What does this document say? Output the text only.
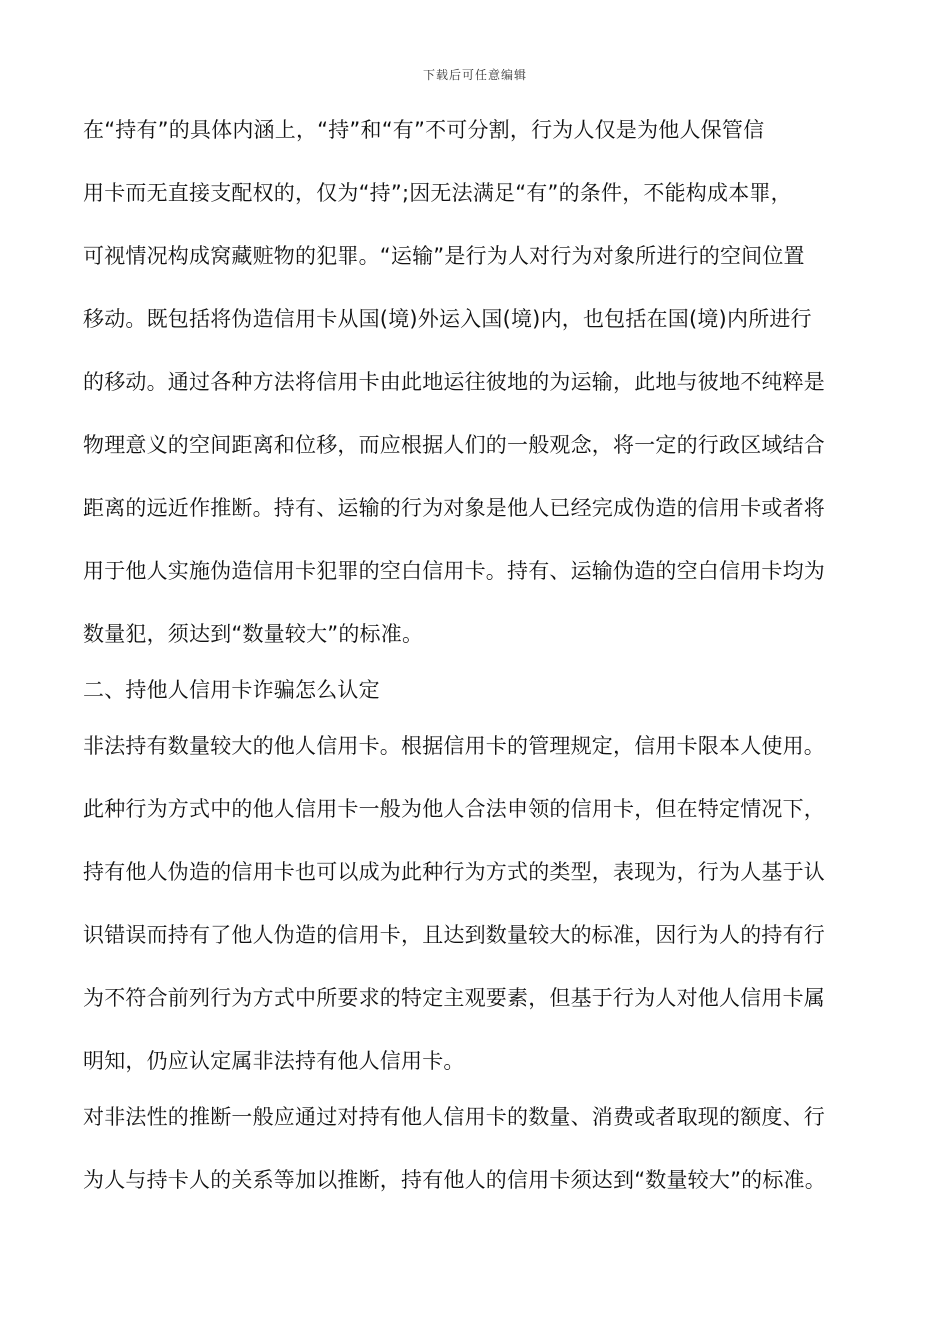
下载后可任意编辑
在“持有”的具体内涵上，“持”和“有”不可分割，行为人仅是为他人保管信
用卡而无直接支配权的，仅为“持”;因无法满足“有”的条件，不能构成本罪，
可视情况构成窝藏赃物的犯罪。“运输”是行为人对行为对象所进行的空间位置
移动。既包括将伪造信用卡从国(境)外运入国(境)内，也包括在国(境)内所进行
的移动。通过各种方法将信用卡由此地运往彼地的为运输，此地与彼地不纯粹是
物理意义的空间距离和位移，而应根据人们的一般观念，将一定的行政区域结合
距离的远近作推断。持有、运输的行为对象是他人已经完成伪造的信用卡或者将
用于他人实施伪造信用卡犯罪的空白信用卡。持有、运输伪造的空白信用卡均为
数量犯，须达到“数量较大”的标准。
二、持他人信用卡诈骗怎么认定
非法持有数量较大的他人信用卡。根据信用卡的管理规定，信用卡限本人使用。
此种行为方式中的他人信用卡一般为他人合法申领的信用卡，但在特定情况下，
持有他人伪造的信用卡也可以成为此种行为方式的类型，表现为，行为人基于认
识错误而持有了他人伪造的信用卡，且达到数量较大的标准，因行为人的持有行
为不符合前列行为方式中所要求的特定主观要素，但基于行为人对他人信用卡属
明知，仍应认定属非法持有他人信用卡。
对非法性的推断一般应通过对持有他人信用卡的数量、消费或者取现的额度、行
为人与持卡人的关系等加以推断，持有他人的信用卡须达到“数量较大”的标准。
